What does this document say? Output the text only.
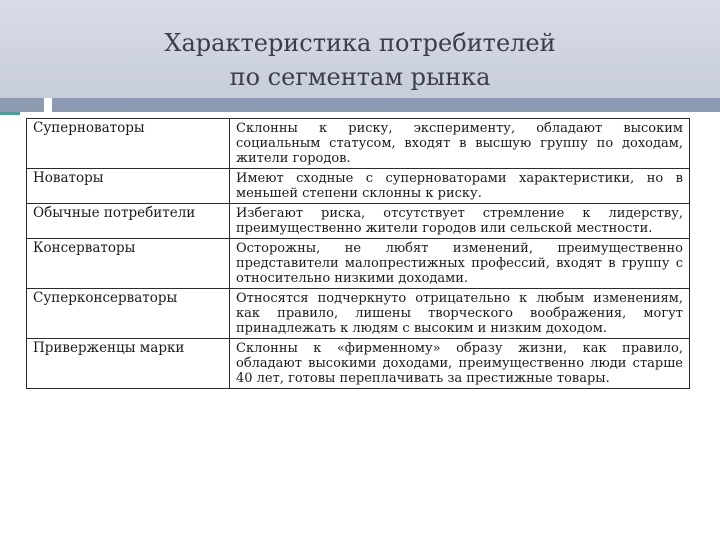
Характеристика потребителей
по сегментам рынка
Суперноваторы	Склонны к риску, эксперименту, обладают высоким социальным статусом, входят в высшую группу по доходам, жители городов.
Новаторы	Имеют сходные с суперноваторами характеристики, но в меньшей степени склонны к риску.
Обычные потребители	Избегают риска, отсутствует стремление к лидерству, преимущественно жители городов или сельской местности.
Консерваторы	Осторожны, не любят изменений, преимущественно представители малопрестижных профессий, входят в группу с относительно низкими доходами.
Суперконсерваторы	Относятся подчеркнуто отрицательно к любым изменениям, как правило, лишены творческого воображения, могут принадлежать к людям с высоким и низким доходом.
Приверженцы марки	Склонны к «фирменному» образу жизни, как правило, обладают высокими доходами, преимущественно люди старше 40 лет, готовы переплачивать за престижные товары.
